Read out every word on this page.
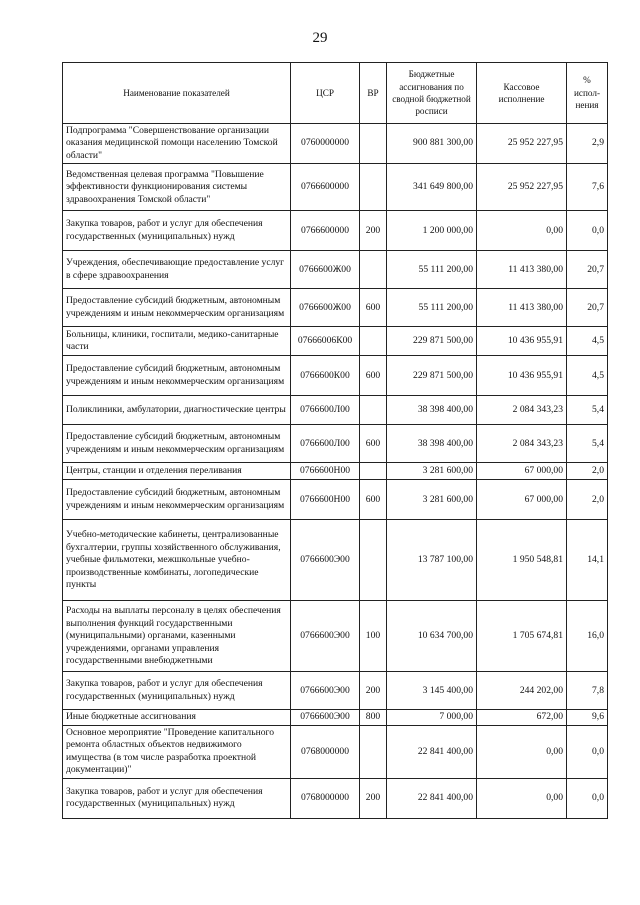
29
Наименование показателей	ЦСР	ВР	Бюджетные ассигнования по сводной бюджетной росписи	Кассовое исполнение	% испол-нения
Подпрограмма "Совершенствование организации оказания медицинской помощи населению Томской области"	0760000000		900 881 300,00	25 952 227,95	2,9
Ведомственная целевая программа "Повышение эффективности функционирования системы здравоохранения Томской области"	0766600000		341 649 800,00	25 952 227,95	7,6
Закупка товаров, работ и услуг для обеспечения государственных (муниципальных) нужд	0766600000	200	1 200 000,00	0,00	0,0
Учреждения, обеспечивающие предоставление услуг в сфере здравоохранения	0766600Ж00		55 111 200,00	11 413 380,00	20,7
Предоставление субсидий бюджетным, автономным учреждениям и иным некоммерческим организациям	0766600Ж00	600	55 111 200,00	11 413 380,00	20,7
Больницы, клиники, госпитали, медико-санитарные части	07666006К00		229 871 500,00	10 436 955,91	4,5
Предоставление субсидий бюджетным, автономным учреждениям и иным некоммерческим организациям	0766600К00	600	229 871 500,00	10 436 955,91	4,5
Поликлиники, амбулатории, диагностические центры	0766600Л00		38 398 400,00	2 084 343,23	5,4
Предоставление субсидий бюджетным, автономным учреждениям и иным некоммерческим организациям	0766600Л00	600	38 398 400,00	2 084 343,23	5,4
Центры, станции и отделения переливания	0766600Н00		3 281 600,00	67 000,00	2,0
Предоставление субсидий бюджетным, автономным учреждениям и иным некоммерческим организациям	0766600Н00	600	3 281 600,00	67 000,00	2,0
Учебно-методические кабинеты, централизованные бухгалтерии, группы хозяйственного обслуживания, учебные фильмотеки, межшкольные учебно-производственные комбинаты, логопедические пункты	0766600Э00		13 787 100,00	1 950 548,81	14,1
Расходы на выплаты персоналу в целях обеспечения выполнения функций государственными (муниципальными) органами, казенными учреждениями, органами управления государственными внебюджетными	0766600Э00	100	10 634 700,00	1 705 674,81	16,0
Закупка товаров, работ и услуг для обеспечения государственных (муниципальных) нужд	0766600Э00	200	3 145 400,00	244 202,00	7,8
Иные бюджетные ассигнования	0766600Э00	800	7 000,00	672,00	9,6
Основное мероприятие "Проведение капитального ремонта областных объектов недвижимого имущества (в том числе разработка проектной документации)"	0768000000		22 841 400,00	0,00	0,0
Закупка товаров, работ и услуг для обеспечения государственных (муниципальных) нужд	0768000000	200	22 841 400,00	0,00	0,0
